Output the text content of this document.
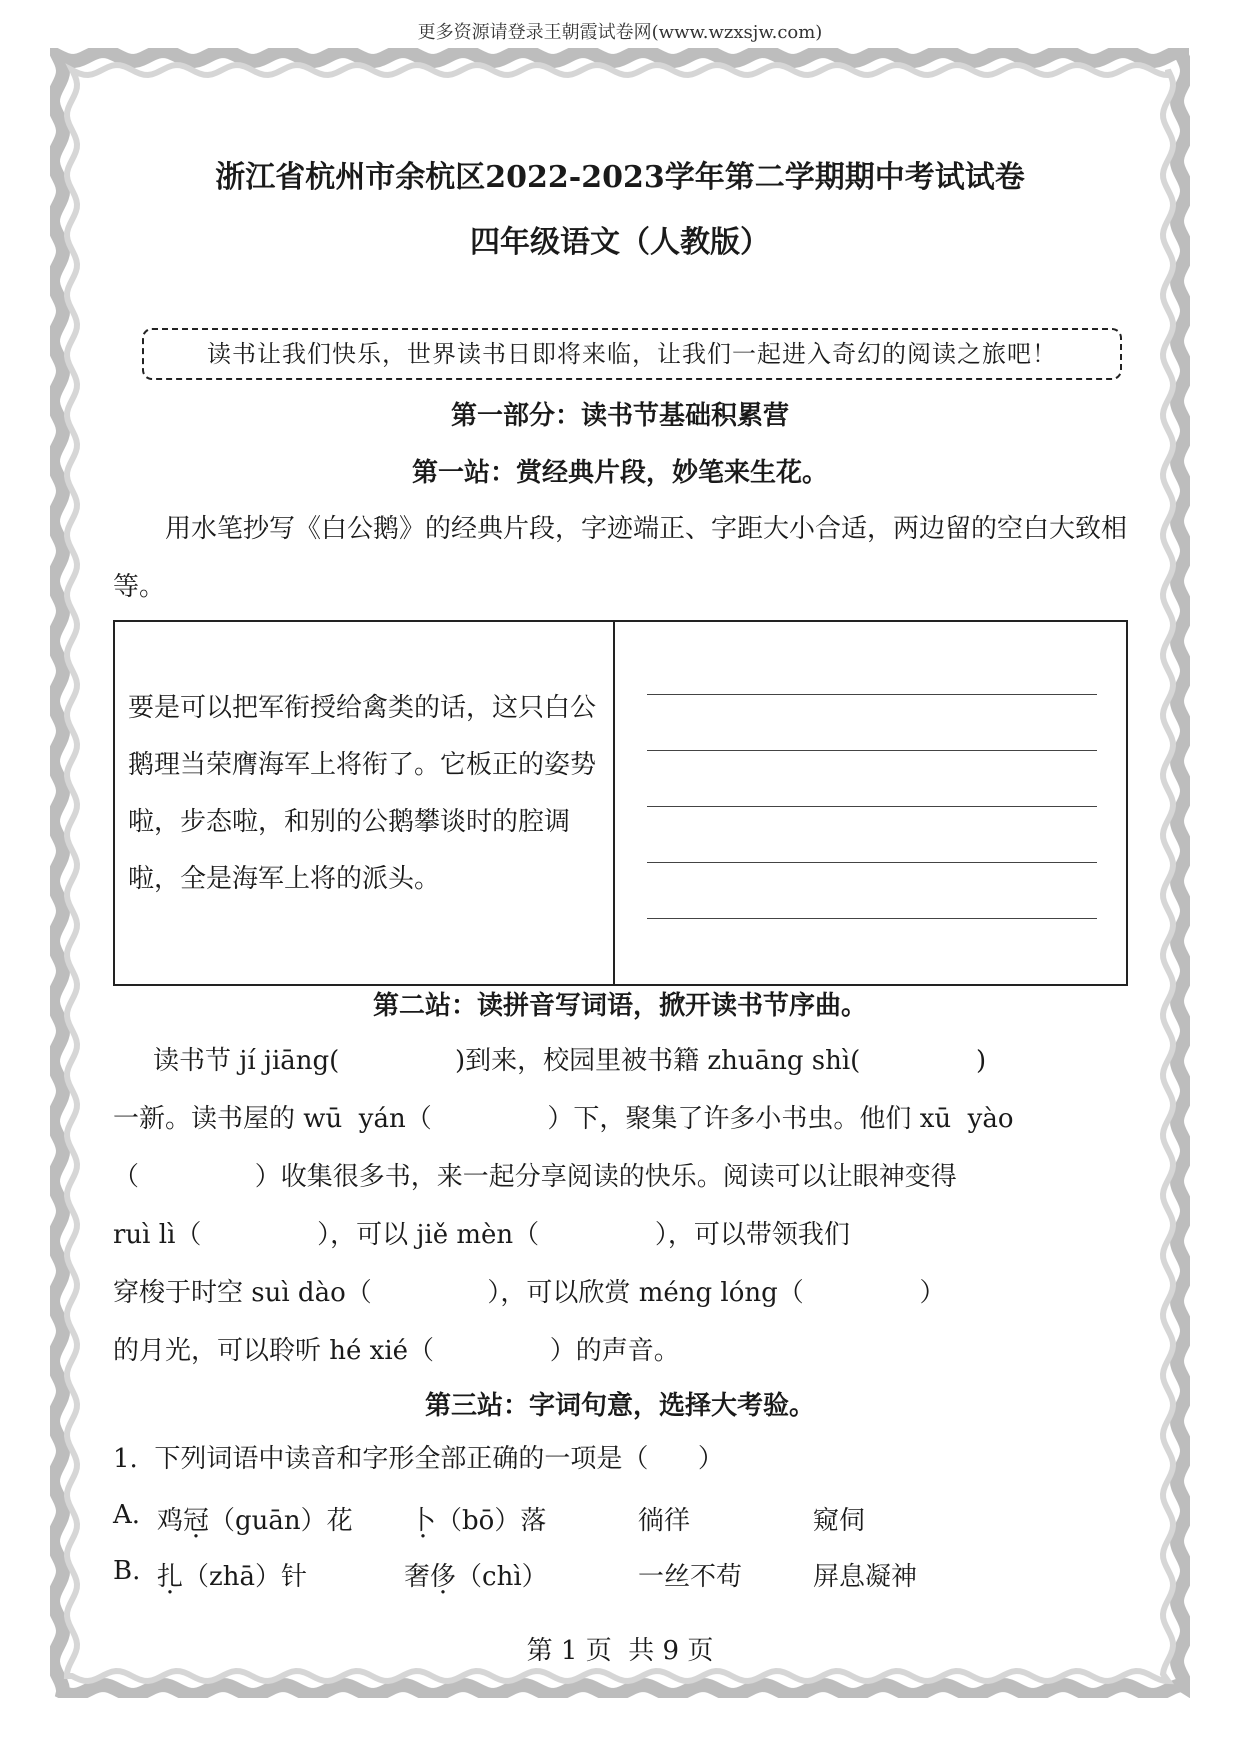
更多资源请登录王朝霞试卷网(www.wzxsjw.com)
浙江省杭州市余杭区2022-2023学年第二学期期中考试试卷
四年级语文（人教版）
读书让我们快乐，世界读书日即将来临，让我们一起进入奇幻的阅读之旅吧！
第一部分：读书节基础积累营
第一站：赏经典片段，妙笔来生花。
用水笔抄写《白公鹅》的经典片段，字迹端正、字距大小合适，两边留的空白大致相等。
要是可以把军衔授给禽类的话，这只白公鹅理当荣膺海军上将衔了。它板正的姿势啦，步态啦，和别的公鹅攀谈时的腔调啦，全是海军上将的派头。
第二站：读拼音写词语，掀开读书节序曲。
读书节 jí jiāng(              )到来，校园里被书籍 zhuāng shì(              )
一新。读书屋的 wū  yán（              ）下，聚集了许多小书虫。他们 xū  yào
（              ）收集很多书，来一起分享阅读的快乐。阅读可以让眼神变得
ruì lì（              ），可以 jiě mèn（              ），可以带领我们
穿梭于时空 suì dào（              ），可以欣赏 méng lóng（              ）
的月光，可以聆听 hé xié（              ）的声音。
第三站：字词句意，选择大考验。
1.  下列词语中读音和字形全部正确的一项是（      ）
A. 鸡冠（guān）花 卜（bō）落	徜徉	窥伺
B. 扎（zhā）针	奢侈（chì）	一丝不苟	屏息凝神
第 1 页  共 9 页
